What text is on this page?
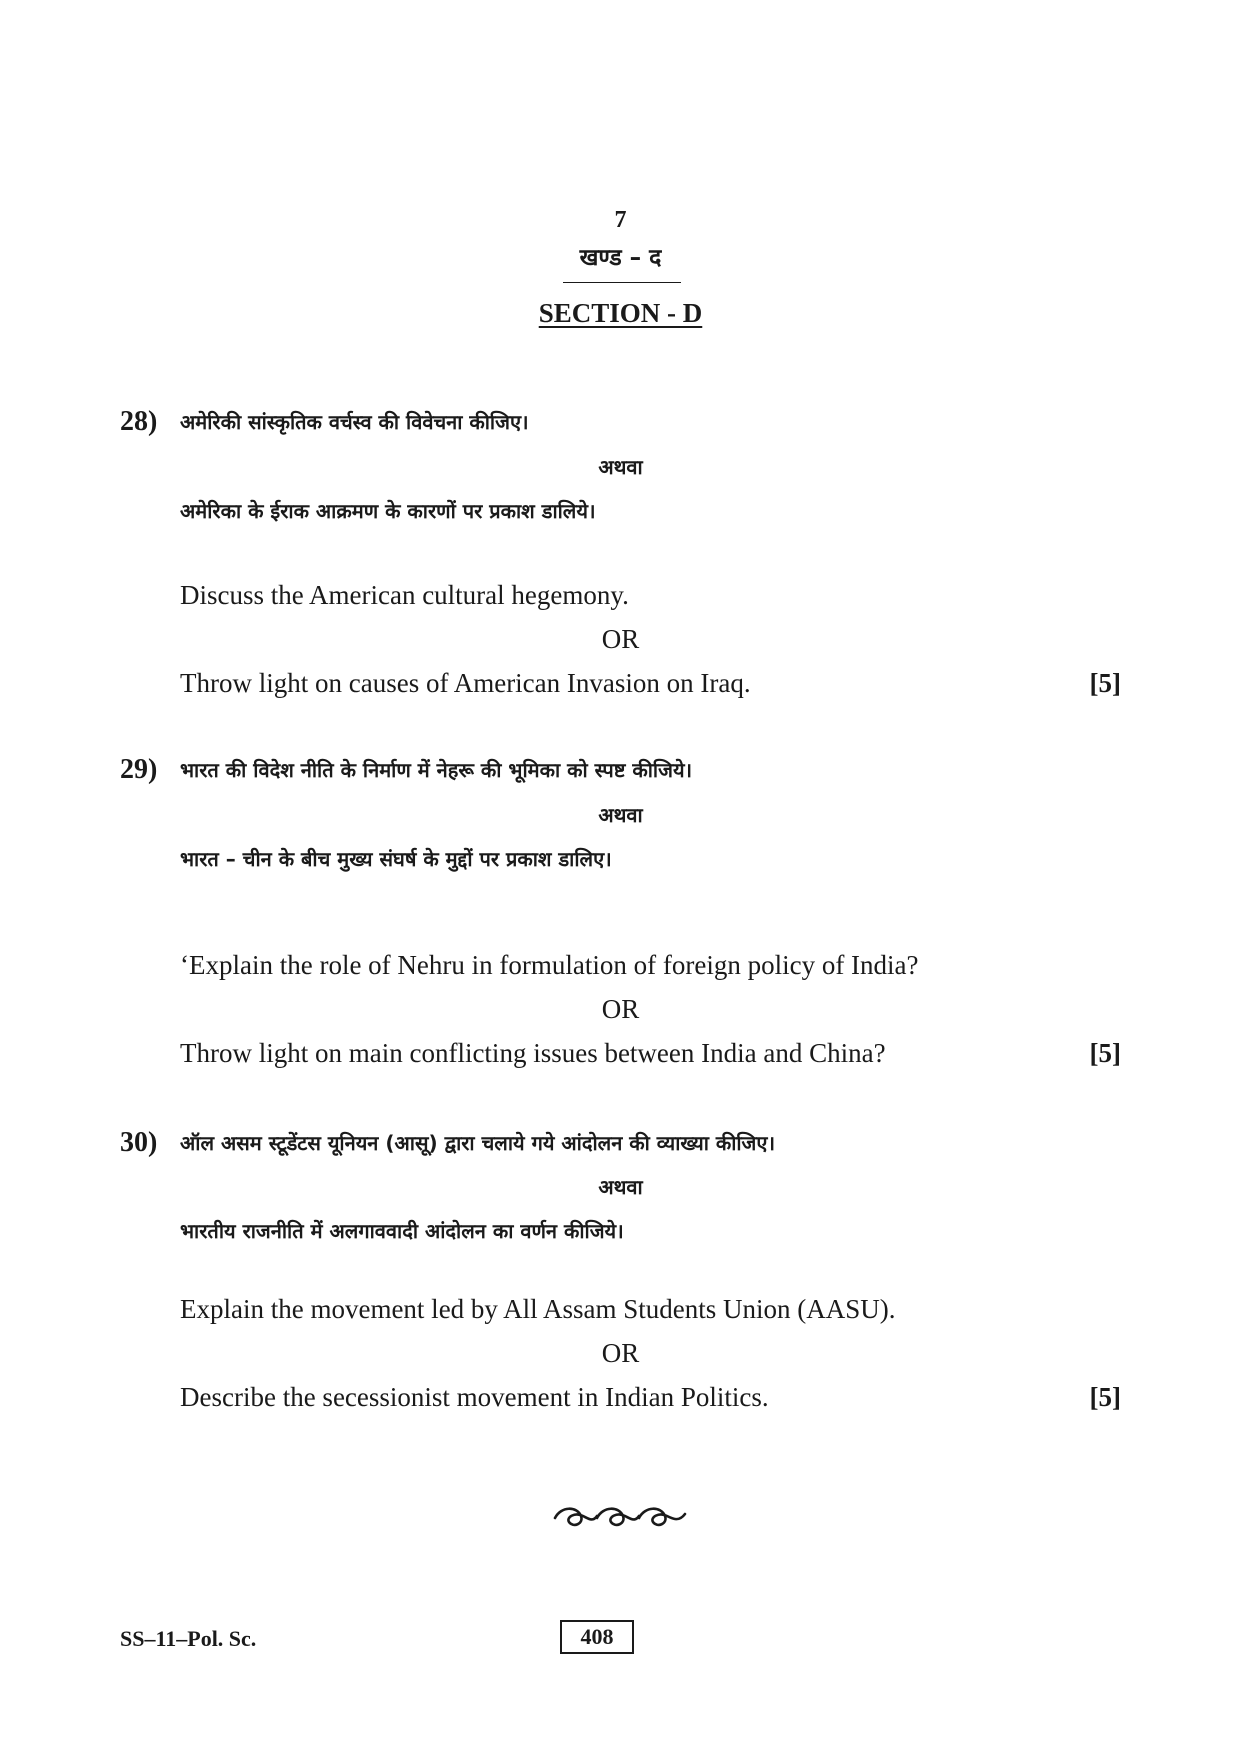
7
खण्ड – द
SECTION - D
28) अमेरिकी सांस्कृतिक वर्चस्व की विवेचना कीजिए।
अथवा
अमेरिका के ईराक आक्रमण के कारणों पर प्रकाश डालिये।
Discuss the American cultural hegemony.
OR
Throw light on causes of American Invasion on Iraq.	[5]
29) भारत की विदेश नीति के निर्माण में नेहरू की भूमिका को स्पष्ट कीजिये।
अथवा
भारत – चीन के बीच मुख्य संघर्ष के मुद्दों पर प्रकाश डालिए।
‘Explain the role of Nehru in formulation of foreign policy of India?
OR
Throw light on main conflicting issues between India and China?	[5]
30) ऑल असम स्टूडेंटस यूनियन (आसू) द्वारा चलाये गये आंदोलन की व्याख्या कीजिए।
अथवा
भारतीय राजनीति में अलगाववादी आंदोलन का वर्णन कीजिये।
Explain the movement led by All Assam Students Union (AASU).
OR
Describe the secessionist movement in Indian Politics.	[5]
SS–11–Pol. Sc.	408
